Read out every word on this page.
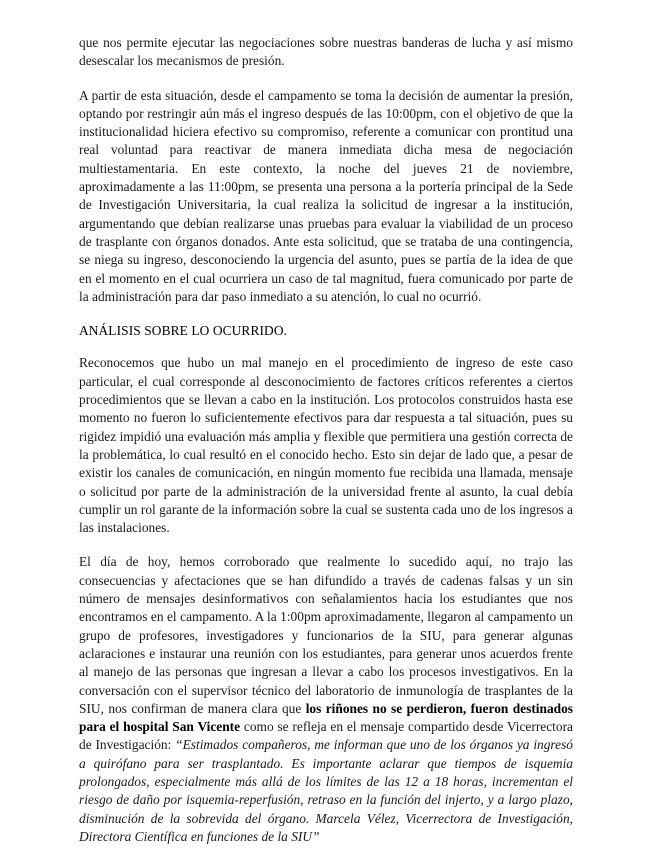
que nos permite ejecutar las negociaciones sobre nuestras banderas de lucha y así mismo desescalar los mecanismos de presión.

A partir de esta situación, desde el campamento se toma la decisión de aumentar la presión, optando por restringir aún más el ingreso después de las 10:00pm, con el objetivo de que la institucionalidad hiciera efectivo su compromiso, referente a comunicar con prontitud una real voluntad para reactivar de manera inmediata dicha mesa de negociación multiestamentaria. En este contexto, la noche del jueves 21 de noviembre, aproximadamente a las 11:00pm, se presenta una persona a la portería principal de la Sede de Investigación Universitaria, la cual realiza la solicitud de ingresar a la institución, argumentando que debían realizarse unas pruebas para evaluar la viabilidad de un proceso de trasplante con órganos donados. Ante esta solicitud, que se trataba de una contingencia, se niega su ingreso, desconociendo la urgencia del asunto, pues se partía de la idea de que en el momento en el cual ocurriera un caso de tal magnitud, fuera comunicado por parte de la administración para dar paso inmediato a su atención, lo cual no ocurrió.

ANÁLISIS SOBRE LO OCURRIDO.

Reconocemos que hubo un mal manejo en el procedimiento de ingreso de este caso particular, el cual corresponde al desconocimiento de factores críticos referentes a ciertos procedimientos que se llevan a cabo en la institución. Los protocolos construidos hasta ese momento no fueron lo suficientemente efectivos para dar respuesta a tal situación, pues su rigidez impidió una evaluación más amplia y flexible que permitiera una gestión correcta de la problemática, lo cual resultó en el conocido hecho. Esto sin dejar de lado que, a pesar de existir los canales de comunicación, en ningún momento fue recibida una llamada, mensaje o solicitud por parte de la administración de la universidad frente al asunto, la cual debía cumplir un rol garante de la información sobre la cual se sustenta cada uno de los ingresos a las instalaciones.

El día de hoy, hemos corroborado que realmente lo sucedido aquí, no trajo las consecuencias y afectaciones que se han difundido a través de cadenas falsas y un sin número de mensajes desinformativos con señalamientos hacia los estudiantes que nos encontramos en el campamento. A la 1:00pm aproximadamente, llegaron al campamento un grupo de profesores, investigadores y funcionarios de la SIU, para generar algunas aclaraciones e instaurar una reunión con los estudiantes, para generar unos acuerdos frente al manejo de las personas que ingresan a llevar a cabo los procesos investigativos. En la conversación con el supervisor técnico del laboratorio de inmunología de trasplantes de la SIU, nos confirman de manera clara que los riñones no se perdieron, fueron destinados para el hospital San Vicente como se refleja en el mensaje compartido desde Vicerrectora de Investigación: “Estimados compañeros, me informan que uno de los órganos ya ingresó a quirófano para ser trasplantado. Es importante aclarar que tiempos de isquemia prolongados, especialmente más allá de los límites de las 12 a 18 horas, incrementan el riesgo de daño por isquemia-reperfusión, retraso en la función del injerto, y a largo plazo, disminución de la sobrevida del órgano. Marcela Vélez, Vicerrectora de Investigación, Directora Científica en funciones de la SIU”
